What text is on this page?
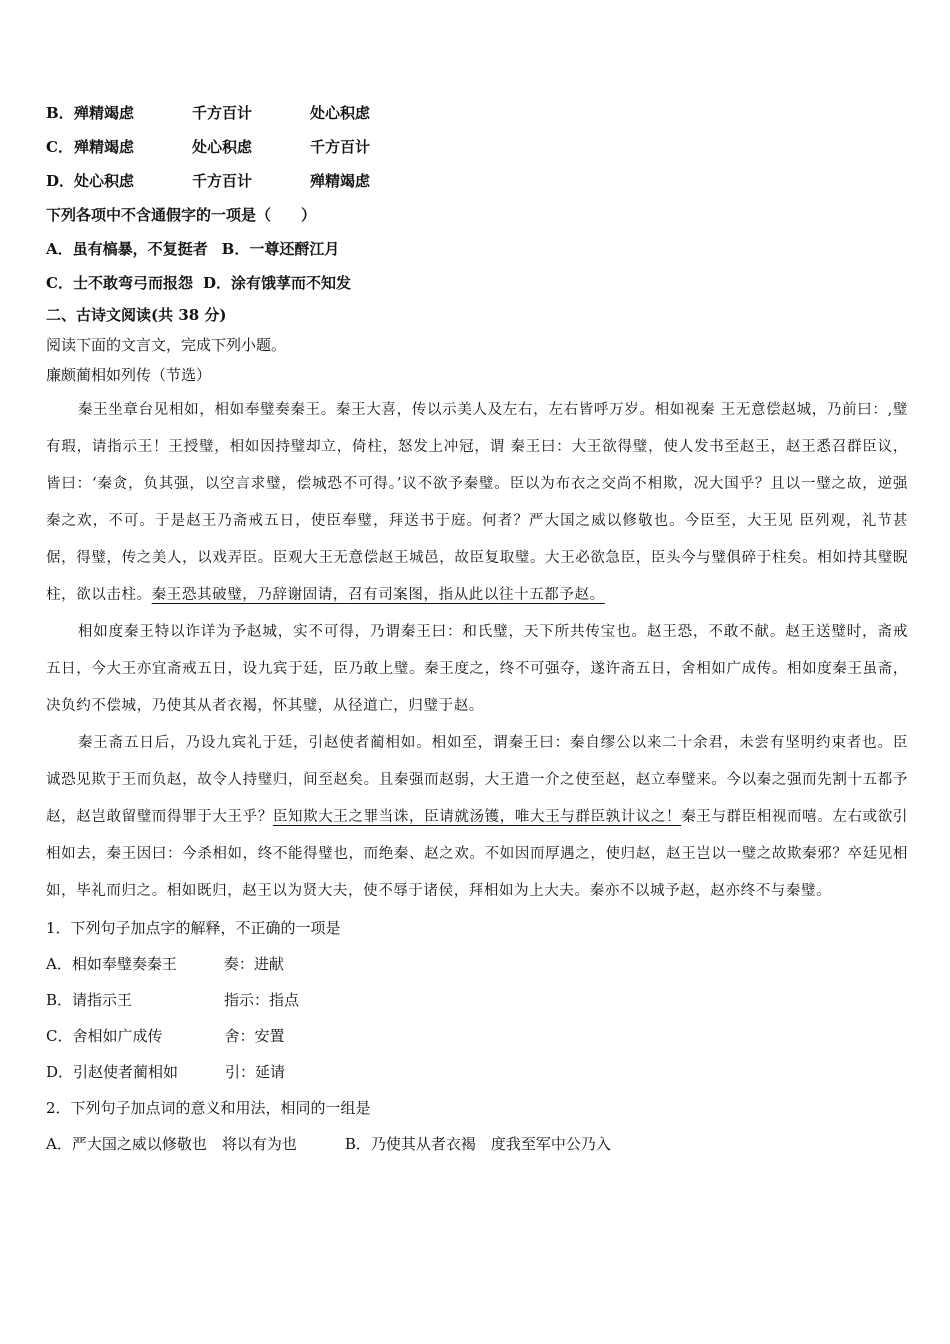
B．殚精竭虑	千方百计	处心积虑
C．殚精竭虑	处心积虑	千方百计
D．处心积虑	千方百计	殚精竭虑
下列各项中不含通假字的一项是（　　）
A．虽有槁暴，不复挺者 B．一尊还酹江月
C．士不敢弯弓而报怨 D．涂有饿莩而不知发
二、古诗文阅读(共 38 分)
阅读下面的文言文，完成下列小题。
廉颇蔺相如列传（节选）

秦王坐章台见相如，相如奉璧奏秦王。秦王大喜，传以示美人及左右，左右皆呼万岁。相如视秦 王无意偿赵城，乃前曰：,璧有瑕，请指示王！王授璧，相如因持璧却立，倚柱，怒发上冲冠，谓 秦王曰：大王欲得璧，使人发书至赵王，赵王悉召群臣议，皆曰：‘秦贪，负其强，以空言求璧，偿城恐不可得。’议不欲予秦璧。臣以为布衣之交尚不相欺，况大国乎？且以一璧之故，逆强秦之欢，不可。于是赵王乃斋戒五日，使臣奉璧，拜送书于庭。何者？严大国之威以修敬也。今臣至，大王见 臣列观，礼节甚倨，得璧，传之美人，以戏弄臣。臣观大王无意偿赵王城邑，故臣复取璧。大王必欲急臣，臣头今与璧俱碎于柱矣。相如持其璧睨柱，欲以击柱。秦王恐其破璧，乃辞谢固请，召有司案图，指从此以往十五都予赵。

相如度秦王特以诈详为予赵城，实不可得，乃谓秦王曰：和氏璧，天下所共传宝也。赵王恐，不敢不献。赵王送璧时，斋戒五日，今大王亦宜斋戒五日，设九宾于廷，臣乃敢上璧。秦王度之，终不可强夺，遂许斋五日，舍相如广成传。相如度秦王虽斋，决负约不偿城，乃使其从者衣褐，怀其璧，从径道亡，归璧于赵。

秦王斋五日后，乃设九宾礼于廷，引赵使者蔺相如。相如至，谓秦王曰：秦自缪公以来二十余君，未尝有坚明约束者也。臣诚恐见欺于王而负赵，故令人持璧归，间至赵矣。且秦强而赵弱，大王遣一介之使至赵，赵立奉璧来。今以秦之强而先割十五都予赵，赵岂敢留璧而得罪于大王乎？臣知欺大王之罪当诛，臣请就汤镬，唯大王与群臣孰计议之！秦王与群臣相视而嘻。左右或欲引相如去，秦王因曰：今杀相如，终不能得璧也，而绝秦、赵之欢。不如因而厚遇之，使归赵，赵王岂以一璧之故欺秦邪？卒廷见相如，毕礼而归之。相如既归，赵王以为贤大夫，使不辱于诸侯，拜相如为上大夫。秦亦不以城予赵，赵亦终不与秦璧。

1．下列句子加点字的解释，不正确的一项是
A．相如奉璧奏秦王	奏：进献
B．请指示王	指示：指点
C．舍相如广成传	舍：安置
D．引赵使者蔺相如	引：延请
2．下列句子加点词的意义和用法，相同的一组是
A．严大国之威以修敬也　将以有为也	B．乃使其从者衣褐　度我至军中公乃入
